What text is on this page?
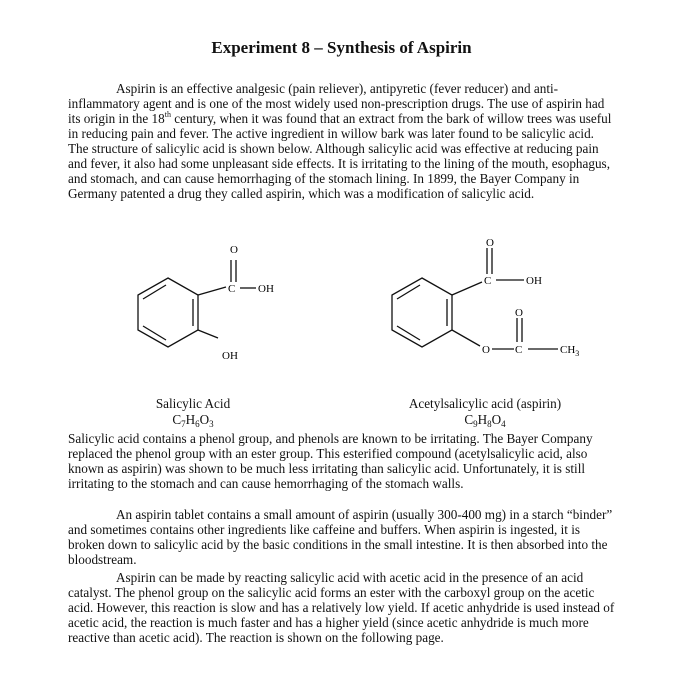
Experiment 8 – Synthesis of Aspirin

Aspirin is an effective analgesic (pain reliever), antipyretic (fever reducer) and anti-inflammatory agent and is one of the most widely used non-prescription drugs. The use of aspirin had its origin in the 18th century, when it was found that an extract from the bark of willow trees was useful in reducing pain and fever. The active ingredient in willow bark was later found to be salicylic acid. The structure of salicylic acid is shown below. Although salicylic acid was effective at reducing pain and fever, it also had some unpleasant side effects. It is irritating to the lining of the mouth, esophagus, and stomach, and can cause hemorrhaging of the stomach lining. In 1899, the Bayer Company in Germany patented a drug they called aspirin, which was a modification of salicylic acid.

O
C OH
OH
O
C	OH
O
O C	$CH_3$
Salicylic Acid
$C_7H_6O_3$
Acetylsalicylic acid (aspirin)
$C_9H_8O_4$

Salicylic acid contains a phenol group, and phenols are known to be irritating. The Bayer Company replaced the phenol group with an ester group. This esterified compound (acetylsalicylic acid, also known as aspirin) was shown to be much less irritating than salicylic acid. Unfortunately, it is still irritating to the stomach and can cause hemorrhaging of the stomach walls.

An aspirin tablet contains a small amount of aspirin (usually 300-400 mg) in a starch “binder” and sometimes contains other ingredients like caffeine and buffers. When aspirin is ingested, it is broken down to salicylic acid by the basic conditions in the small intestine. It is then absorbed into the bloodstream.

Aspirin can be made by reacting salicylic acid with acetic acid in the presence of an acid catalyst. The phenol group on the salicylic acid forms an ester with the carboxyl group on the acetic acid. However, this reaction is slow and has a relatively low yield. If acetic anhydride is used instead of acetic acid, the reaction is much faster and has a higher yield (since acetic anhydride is much more reactive than acetic acid). The reaction is shown on the following page.
